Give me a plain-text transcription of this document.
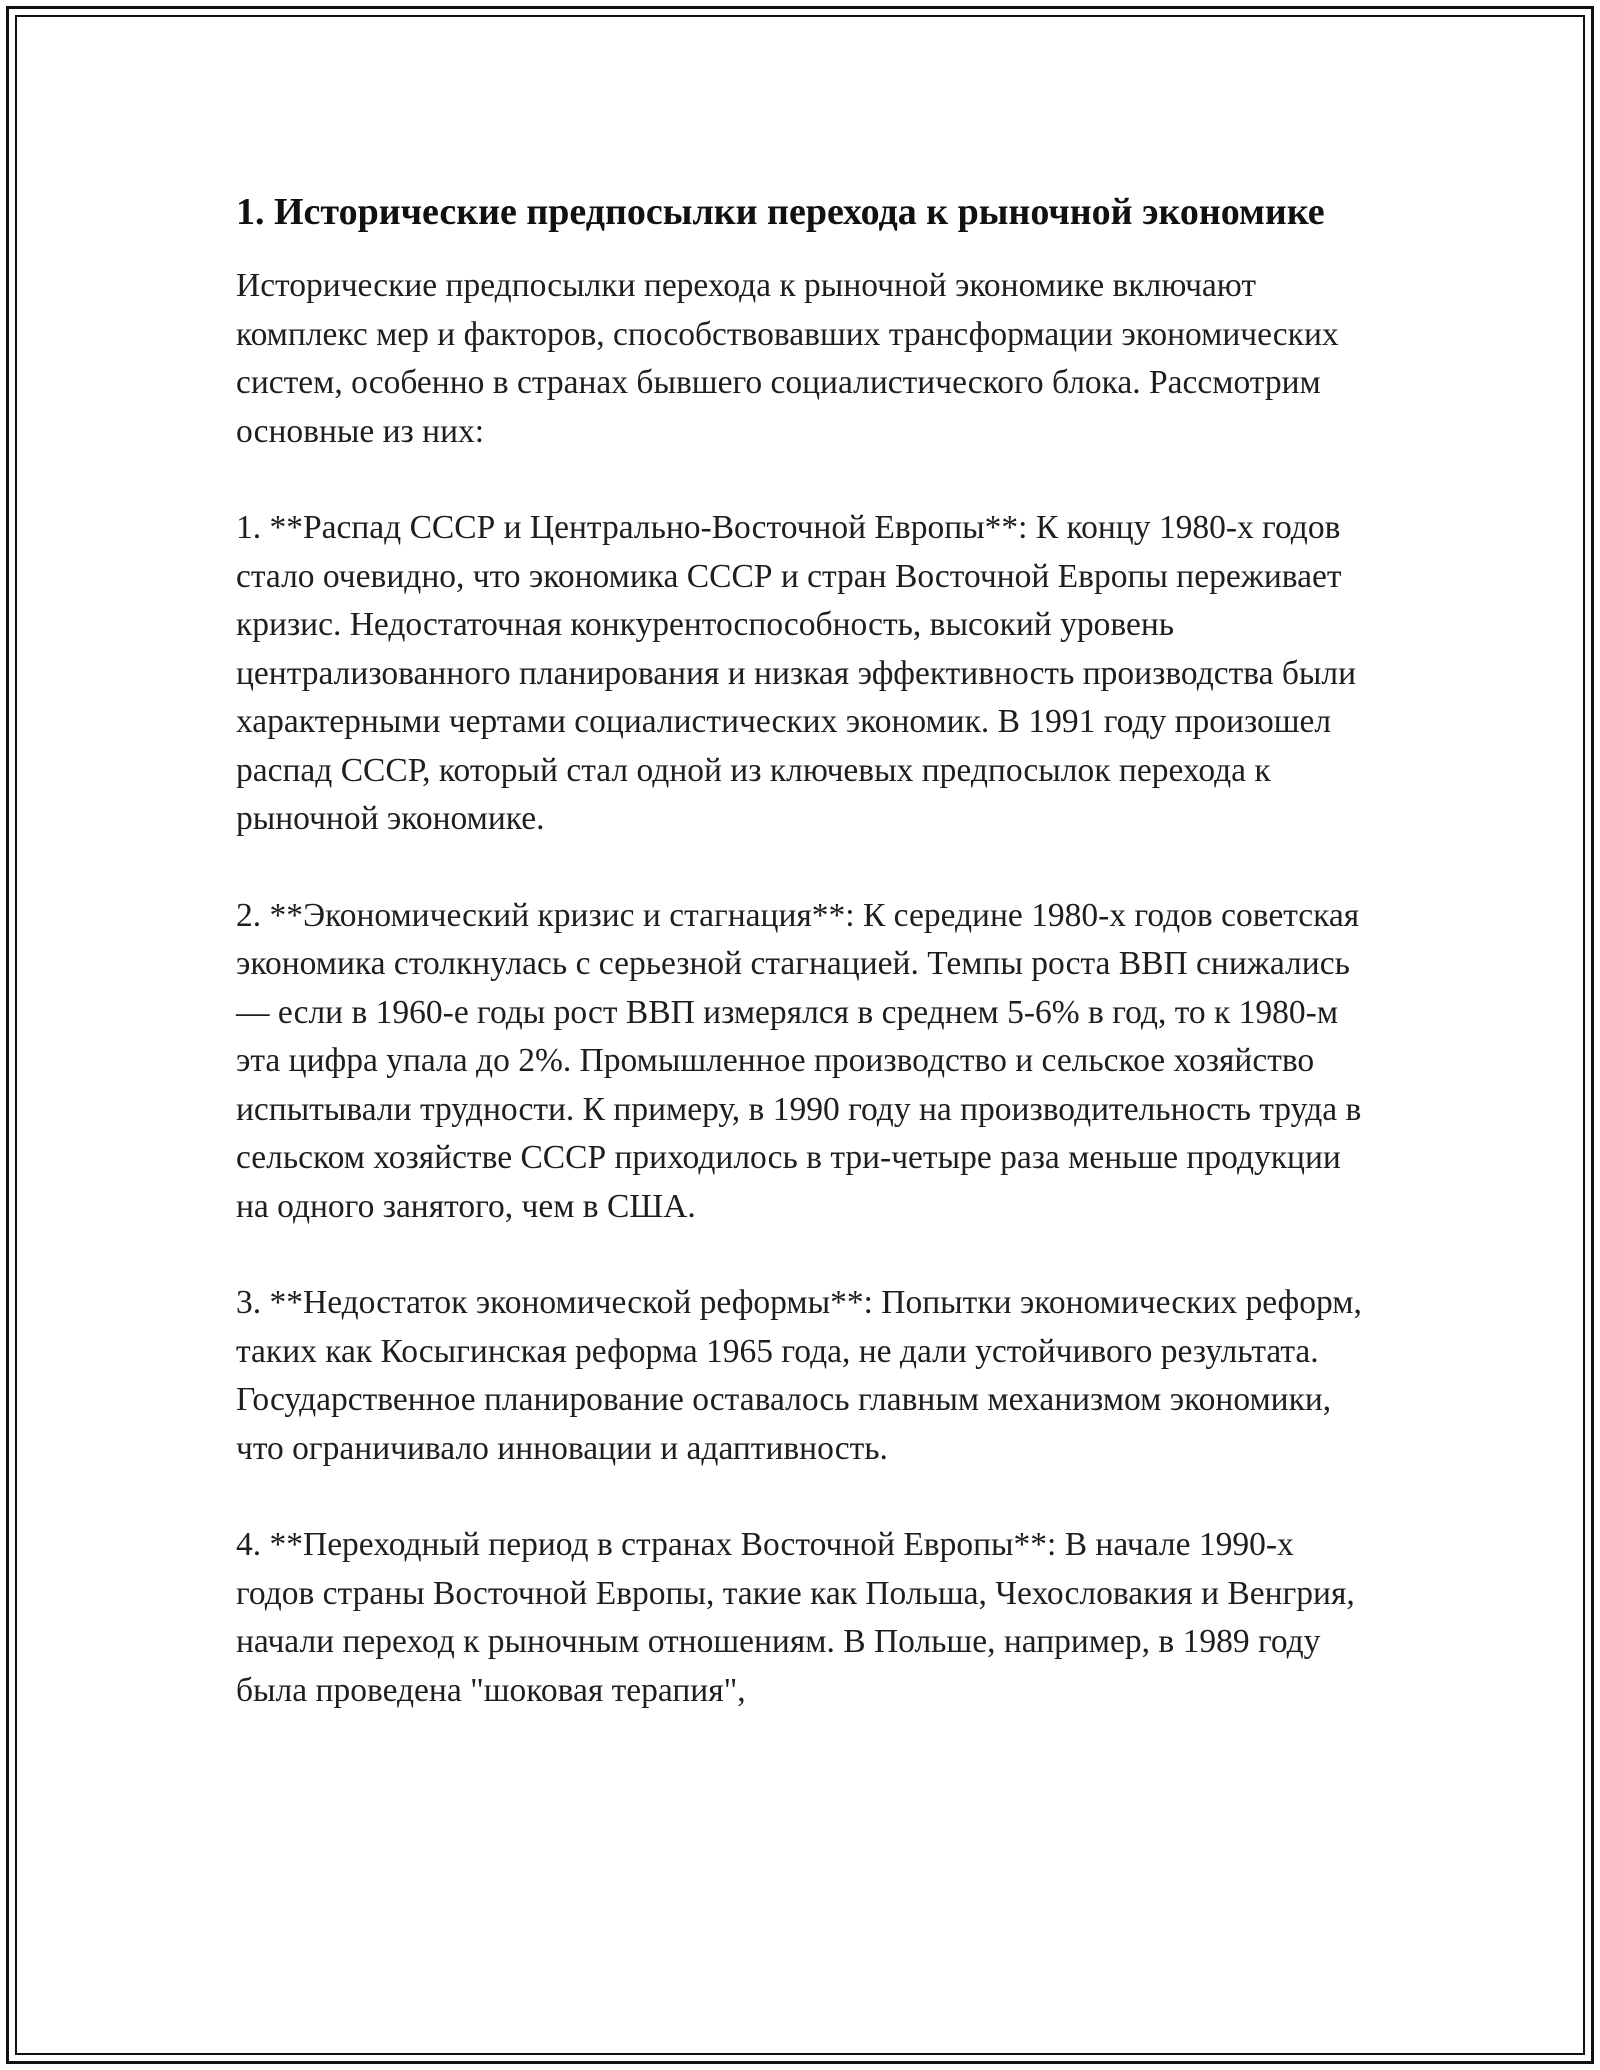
1. Исторические предпосылки перехода к рыночной экономике

Исторические предпосылки перехода к рыночной экономике включают комплекс мер и факторов, способствовавших трансформации экономических систем, особенно в странах бывшего социалистического блока. Рассмотрим основные из них:

1. **Распад СССР и Центрально-Восточной Европы**: К концу 1980-х годов стало очевидно, что экономика СССР и стран Восточной Европы переживает кризис. Недостаточная конкурентоспособность, высокий уровень централизованного планирования и низкая эффективность производства были характерными чертами социалистических экономик. В 1991 году произошел распад СССР, который стал одной из ключевых предпосылок перехода к рыночной экономике.

2. **Экономический кризис и стагнация**: К середине 1980-х годов советская экономика столкнулась с серьезной стагнацией. Темпы роста ВВП снижались — если в 1960-е годы рост ВВП измерялся в среднем 5-6% в год, то к 1980-м эта цифра упала до 2%. Промышленное производство и сельское хозяйство испытывали трудности. К примеру, в 1990 году на производительность труда в сельском хозяйстве СССР приходилось в три-четыре раза меньше продукции на одного занятого, чем в США.

3. **Недостаток экономической реформы**: Попытки экономических реформ, таких как Косыгинская реформа 1965 года, не дали устойчивого результата. Государственное планирование оставалось главным механизмом экономики, что ограничивало инновации и адаптивность.

4. **Переходный период в странах Восточной Европы**: В начале 1990-х годов страны Восточной Европы, такие как Польша, Чехословакия и Венгрия, начали переход к рыночным отношениям. В Польше, например, в 1989 году была проведена "шоковая терапия",
